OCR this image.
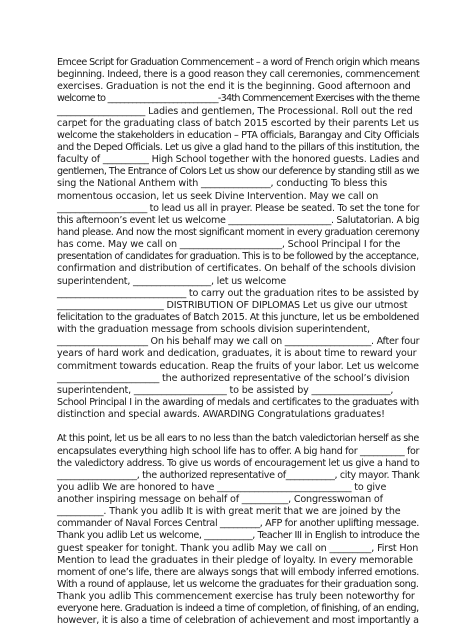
Emcee Script for Graduation Commencement – a word of French origin which means
beginning. Indeed, there is a good reason they call ceremonies, commencement
exercises. Graduation is not the end it is the beginning. Good afternoon and
welcome to ___________________________-34th Commencement Exercises with the theme
___________________ Ladies and gentlemen, The Processional. Roll out the red
carpet for the graduating class of batch 2015 escorted by their parents Let us
welcome the stakeholders in education – PTA officials, Barangay and City Officials
and the Deped Officials. Let us give a glad hand to the pillars of this institution, the
faculty of __________ High School together with the honored guests. Ladies and
gentlemen, The Entrance of Colors Let us show our deference by standing still as we
sing the National Anthem with _______________, conducting To bless this
momentous occasion, let us seek Divine Intervention. May we call on
____________________ to lead us all in prayer. Please be seated. To set the tone for
this afternoon’s event let us welcome _______________________. Salutatorian. A big
hand please. And now the most significant moment in every graduation ceremony
has come. May we call on ______________________, School Principal I for the
presentation of candidates for graduation. This is to be followed by the acceptance,
confirmation and distribution of certificates. On behalf of the schools division
superintendent, _________________, let us welcome
____________________________ to carry out the graduation rites to be assisted by
_______________________ DISTRIBUTION OF DIPLOMAS Let us give our utmost
felicitation to the graduates of Batch 2015. At this juncture, let us be emboldened
with the graduation message from schools division superintendent,
____________________ On his behalf may we call on ___________________. After four
years of hard work and dedication, graduates, it is about time to reward your
commitment towards education. Reap the fruits of your labor. Let us welcome
______________________ the authorized representative of the school’s division
superintendent, ____________________ to be assisted by _________________,
School Principal I in the awarding of medals and certificates to the graduates with
distinction and special awards. AWARDING Congratulations graduates!
At this point, let us be all ears to no less than the batch valedictorian herself as she
encapsulates everything high school life has to offer. A big hand for __________ for
the valedictory address. To give us words of encouragement let us give a hand to
__________________, the authorized representative of___________, city mayor. Thank
you adlib We are honored to have _____________________________ to give
another inspiring message on behalf of __________, Congresswoman of
__________. Thank you adlib It is with great merit that we are joined by the
commander of Naval Forces Central _________, AFP for another uplifting message.
Thank you adlib Let us welcome, ___________, Teacher III in English to introduce the
guest speaker for tonight. Thank you adlib May we call on _________, First Hon
Mention to lead the graduates in their pledge of loyalty. In every memorable
moment of one’s life, there are always songs that will embody inferred emotions.
With a round of applause, let us welcome the graduates for their graduation song.
Thank you adlib This commencement exercise has truly been noteworthy for
everyone here. Graduation is indeed a time of completion, of finishing, of an ending,
however, it is also a time of celebration of achievement and most importantly a
